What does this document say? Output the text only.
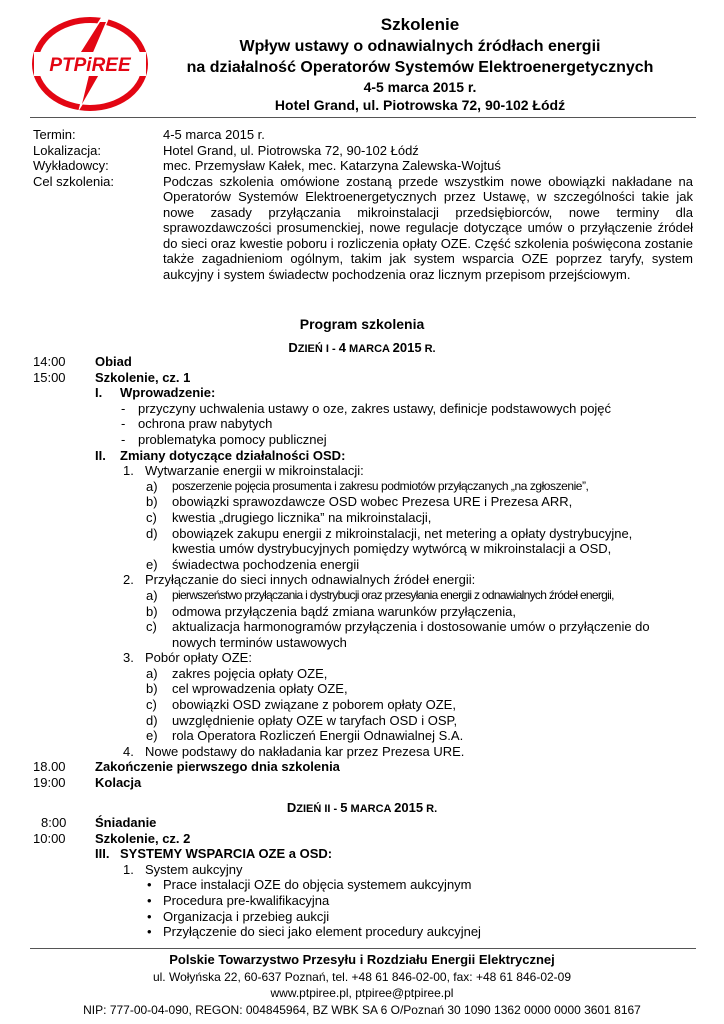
PTPiREE
Szkolenie
Wpływ ustawy o odnawialnych źródłach energii
na działalność Operatorów Systemów Elektroenergetycznych
4-5 marca 2015 r.
Hotel Grand, ul. Piotrowska 72, 90-102 Łódź
Termin:	4-5 marca 2015 r.
Lokalizacja:	Hotel Grand, ul. Piotrowska 72, 90-102 Łódź
Wykładowcy:	mec. Przemysław Kałek, mec. Katarzyna Zalewska-Wojtuś
Cel szkolenia:	Podczas szkolenia omówione zostaną przede wszystkim nowe obowiązki nakładane na Operatorów Systemów Elektroenergetycznych przez Ustawę, w szczególności takie jak nowe zasady przyłączania mikroinstalacji przedsiębiorców, nowe terminy dla sprawozdawczości prosumenckiej, nowe regulacje dotyczące umów o przyłączenie źródeł do sieci oraz kwestie poboru i rozliczenia opłaty OZE. Część szkolenia poświęcona zostanie także zagadnieniom ogólnym, takim jak system wsparcia OZE poprzez taryfy, system aukcyjny i system świadectw pochodzenia oraz licznym przepisom przejściowym.
Program szkolenia
DZIEŃ I - 4 MARCA 2015 R.
14:00 Obiad
15:00 Szkolenie, cz. 1
I. Wprowadzenie:
- przyczyny uchwalenia ustawy o oze, zakres ustawy, definicje podstawowych pojęć
- ochrona praw nabytych
- problematyka pomocy publicznej
II. Zmiany dotyczące działalności OSD:
1. Wytwarzanie energii w mikroinstalacji:
a) poszerzenie pojęcia prosumenta i zakresu podmiotów przyłączanych „na zgłoszenie”,
b) obowiązki sprawozdawcze OSD wobec Prezesa URE i Prezesa ARR,
c) kwestia „drugiego licznika” na mikroinstalacji,
d) obowiązek zakupu energii z mikroinstalacji, net metering a opłaty dystrybucyjne,
kwestia umów dystrybucyjnych pomiędzy wytwórcą w mikroinstalacji a OSD,
e) świadectwa pochodzenia energii
2. Przyłączanie do sieci innych odnawialnych źródeł energii:
a) pierwszeństwo przyłączania i dystrybucji oraz przesyłania energii z odnawialnych źródeł energii,
b) odmowa przyłączenia bądź zmiana warunków przyłączenia,
c) aktualizacja harmonogramów przyłączenia i dostosowanie umów o przyłączenie do
nowych terminów ustawowych
3. Pobór opłaty OZE:
a) zakres pojęcia opłaty OZE,
b) cel wprowadzenia opłaty OZE,
c) obowiązki OSD związane z poborem opłaty OZE,
d) uwzględnienie opłaty OZE w taryfach OSD i OSP,
e) rola Operatora Rozliczeń Energii Odnawialnej S.A.
4. Nowe podstawy do nakładania kar przez Prezesa URE.
18.00 Zakończenie pierwszego dnia szkolenia
19:00 Kolacja
DZIEŃ II - 5 MARCA 2015 R.
8:00 Śniadanie
10:00 Szkolenie, cz. 2
III. SYSTEMY WSPARCIA OZE a OSD:
1. System aukcyjny
• Prace instalacji OZE do objęcia systemem aukcyjnym
• Procedura pre-kwalifikacyjna
• Organizacja i przebieg aukcji
• Przyłączenie do sieci jako element procedury aukcyjnej
Polskie Towarzystwo Przesyłu i Rozdziału Energii Elektrycznej
ul. Wołyńska 22, 60-637 Poznań, tel. +48 61 846-02-00, fax: +48 61 846-02-09
www.ptpiree.pl, ptpiree@ptpiree.pl
NIP: 777-00-04-090, REGON: 004845964, BZ WBK SA 6 O/Poznań 30 1090 1362 0000 0000 3601 8167
